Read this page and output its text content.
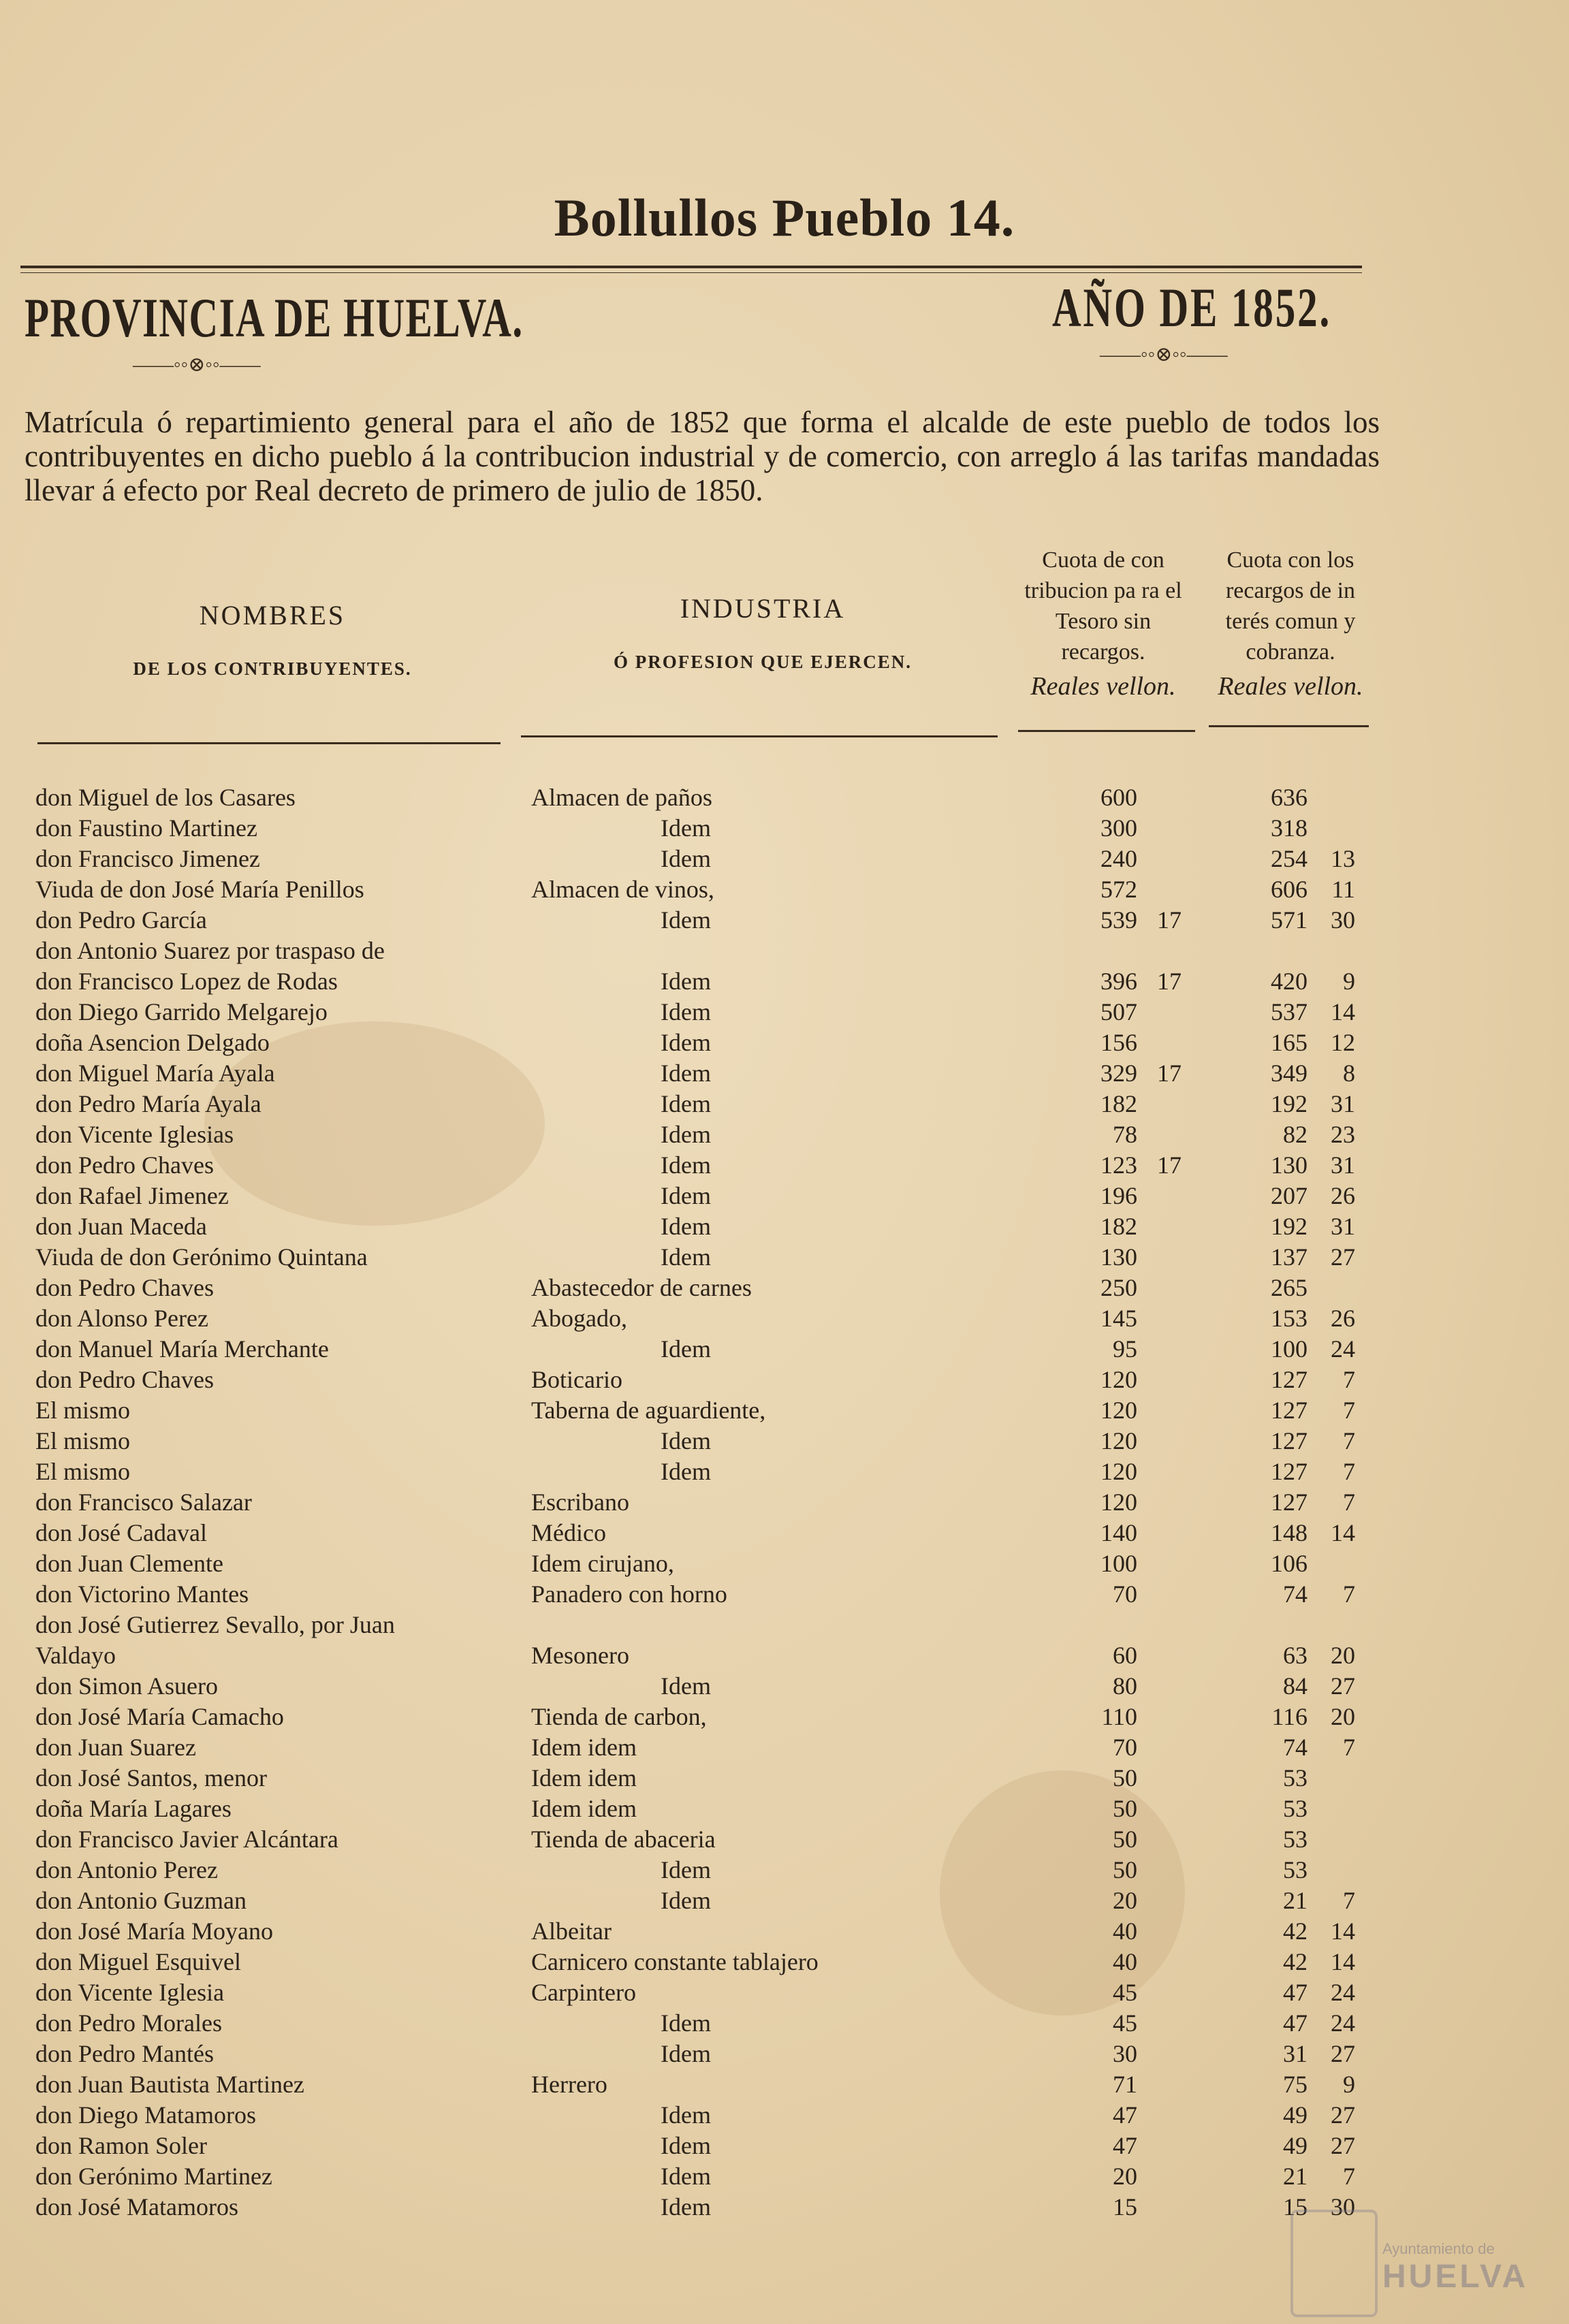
Bollullos Pueblo 14.
PROVINCIA DE HUELVA.
——◦◦⊗◦◦——
AÑO DE 1852.
——◦◦⊗◦◦——
Matrícula ó repartimiento general para el año de 1852 que forma el alcalde de este pueblo de todos los contribuyentes en dicho pueblo á la contribucion industrial y de comercio, con arreglo á las tarifas mandadas llevar á efecto por Real decreto de primero de julio de 1850.
NOMBRES
DE LOS CONTRIBUYENTES.
INDUSTRIA
Ó PROFESION QUE EJERCEN.
Cuota de con tribucion pa ra el Tesoro sin recargos.
Reales vellon.
Cuota con los recargos de in terés comun y cobranza.
Reales vellon.
don Miguel de los Casares	Almacen de paños	600	636
don Faustino Martinez	Idem	300	318
don Francisco Jimenez	Idem	240	254 13
Viuda de don José María Penillos	Almacen de vinos,	572	606 11
don Pedro García	Idem	539 17	571 30
don Antonio Suarez por traspaso de
don Francisco Lopez de Rodas	Idem	396 17	420	9
don Diego Garrido Melgarejo	Idem	507	537 14
doña Asencion Delgado	Idem	156	165 12
don Miguel María Ayala	Idem	329 17	349	8
don Pedro María Ayala	Idem	182	192 31
don Vicente Iglesias	Idem	78	82 23
don Pedro Chaves	Idem	123 17	130 31
don Rafael Jimenez	Idem	196	207 26
don Juan Maceda	Idem	182	192 31
Viuda de don Gerónimo Quintana	Idem	130	137 27
don Pedro Chaves	Abastecedor de carnes	250	265
don Alonso Perez	Abogado,	145	153 26
don Manuel María Merchante	Idem	95	100 24
don Pedro Chaves	Boticario	120	127	7
El mismo	Taberna de aguardiente,	120	127	7
El mismo	Idem	120	127	7
El mismo	Idem	120	127	7
don Francisco Salazar	Escribano	120	127	7
don José Cadaval	Médico	140	148 14
don Juan Clemente	Idem cirujano,	100	106
don Victorino Mantes	Panadero con horno	70	74	7
don José Gutierrez Sevallo, por Juan
Valdayo	Mesonero	60	63 20
don Simon Asuero	Idem	80	84 27
don José María Camacho	Tienda de carbon,	110	116 20
don Juan Suarez	Idem idem	70	74	7
don José Santos, menor	Idem idem	50	53
doña María Lagares	Idem idem	50	53
don Francisco Javier Alcántara	Tienda de abaceria	50	53
don Antonio Perez	Idem	50	53
don Antonio Guzman	Idem	20	21	7
don José María Moyano	Albeitar	40	42 14
don Miguel Esquivel	Carnicero constante tablajero	40	42 14
don Vicente Iglesia	Carpintero	45	47 24
don Pedro Morales	Idem	45	47 24
don Pedro Mantés	Idem	30	31 27
don Juan Bautista Martinez	Herrero	71	75	9
don Diego Matamoros	Idem	47	49 27
don Ramon Soler	Idem	47	49 27
don Gerónimo Martinez	Idem	20	21	7
don José Matamoros	Idem	15	15 30
Ayuntamiento de
HUELVA
